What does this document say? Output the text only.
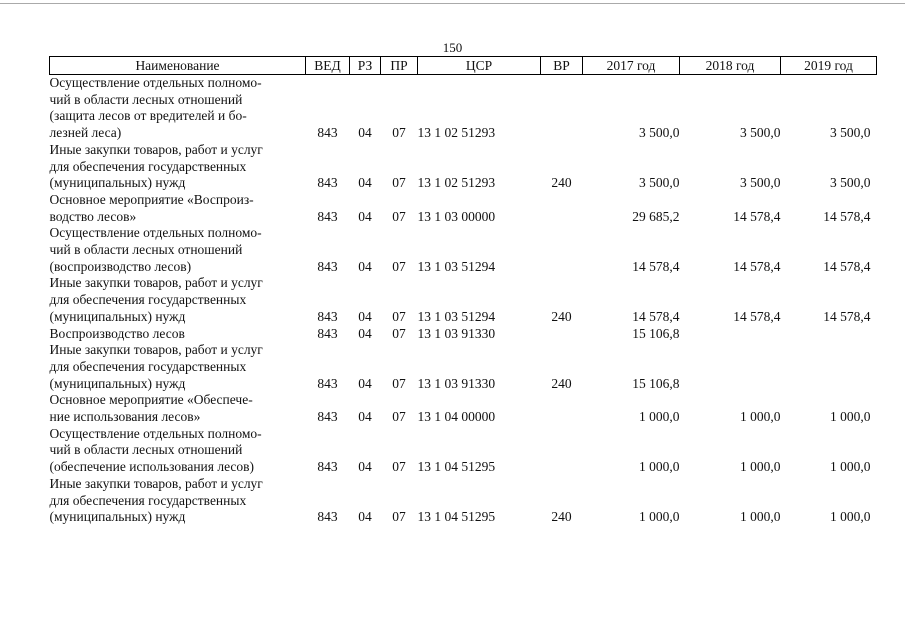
150
Наименование	ВЕД	РЗ	ПР	ЦСР	ВР	2017 год	2018 год	2019 год
Осуществление отдельных полномо-
чий в области лесных отношений
(защита лесов от вредителей и бо-
лезней леса)	843	04	07	13 1 02 51293		3 500,0	3 500,0	3 500,0
Иные закупки товаров, работ и услуг
для обеспечения государственных
(муниципальных) нужд	843	04	07	13 1 02 51293	240	3 500,0	3 500,0	3 500,0
Основное мероприятие «Воспроиз-
водство лесов»	843	04	07	13 1 03 00000		29 685,2	14 578,4	14 578,4
Осуществление отдельных полномо-
чий в области лесных отношений
(воспроизводство лесов)	843	04	07	13 1 03 51294		14 578,4	14 578,4	14 578,4
Иные закупки товаров, работ и услуг
для обеспечения государственных
(муниципальных) нужд	843	04	07	13 1 03 51294	240	14 578,4	14 578,4	14 578,4
Воспроизводство лесов	843	04	07	13 1 03 91330		15 106,8		
Иные закупки товаров, работ и услуг
для обеспечения государственных
(муниципальных) нужд	843	04	07	13 1 03 91330	240	15 106,8		
Основное мероприятие «Обеспече-
ние использования лесов»	843	04	07	13 1 04 00000		1 000,0	1 000,0	1 000,0
Осуществление отдельных полномо-
чий в области лесных отношений
(обеспечение использования лесов)	843	04	07	13 1 04 51295		1 000,0	1 000,0	1 000,0
Иные закупки товаров, работ и услуг
для обеспечения государственных
(муниципальных) нужд	843	04	07	13 1 04 51295	240	1 000,0	1 000,0	1 000,0
